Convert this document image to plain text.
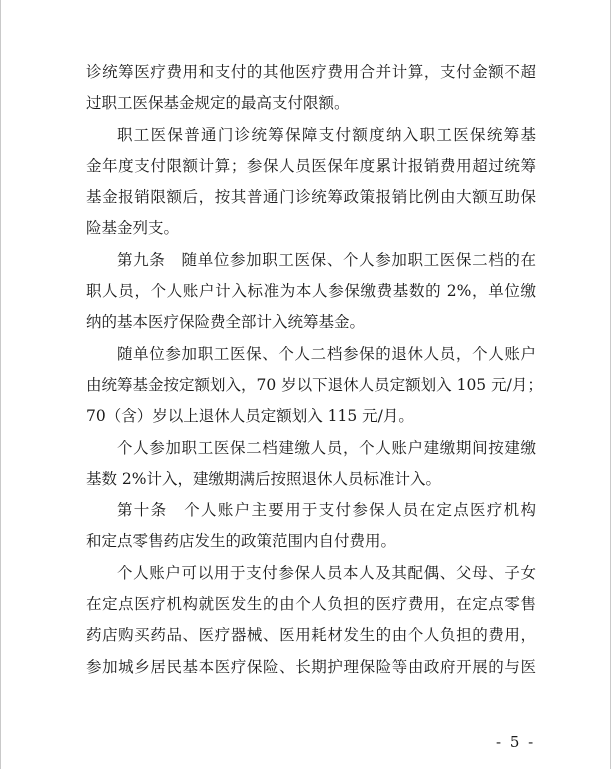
诊统筹医疗费用和支付的其他医疗费用合并计算，支付金额不超
过职工医保基金规定的最高支付限额。
职工医保普通门诊统筹保障支付额度纳入职工医保统筹基
金年度支付限额计算；参保人员医保年度累计报销费用超过统筹
基金报销限额后，按其普通门诊统筹政策报销比例由大额互助保
险基金列支。
第九条　随单位参加职工医保、个人参加职工医保二档的在
职人员，个人账户计入标准为本人参保缴费基数的 2%，单位缴
纳的基本医疗保险费全部计入统筹基金。
随单位参加职工医保、个人二档参保的退休人员，个人账户
由统筹基金按定额划入，70 岁以下退休人员定额划入 105 元/月；
70（含）岁以上退休人员定额划入 115 元/月。
个人参加职工医保二档建缴人员，个人账户建缴期间按建缴
基数 2%计入，建缴期满后按照退休人员标准计入。
第十条　个人账户主要用于支付参保人员在定点医疗机构
和定点零售药店发生的政策范围内自付费用。
个人账户可以用于支付参保人员本人及其配偶、父母、子女
在定点医疗机构就医发生的由个人负担的医疗费用，在定点零售
药店购买药品、医疗器械、医用耗材发生的由个人负担的费用，
参加城乡居民基本医疗保险、长期护理保险等由政府开展的与医
- 5 -
